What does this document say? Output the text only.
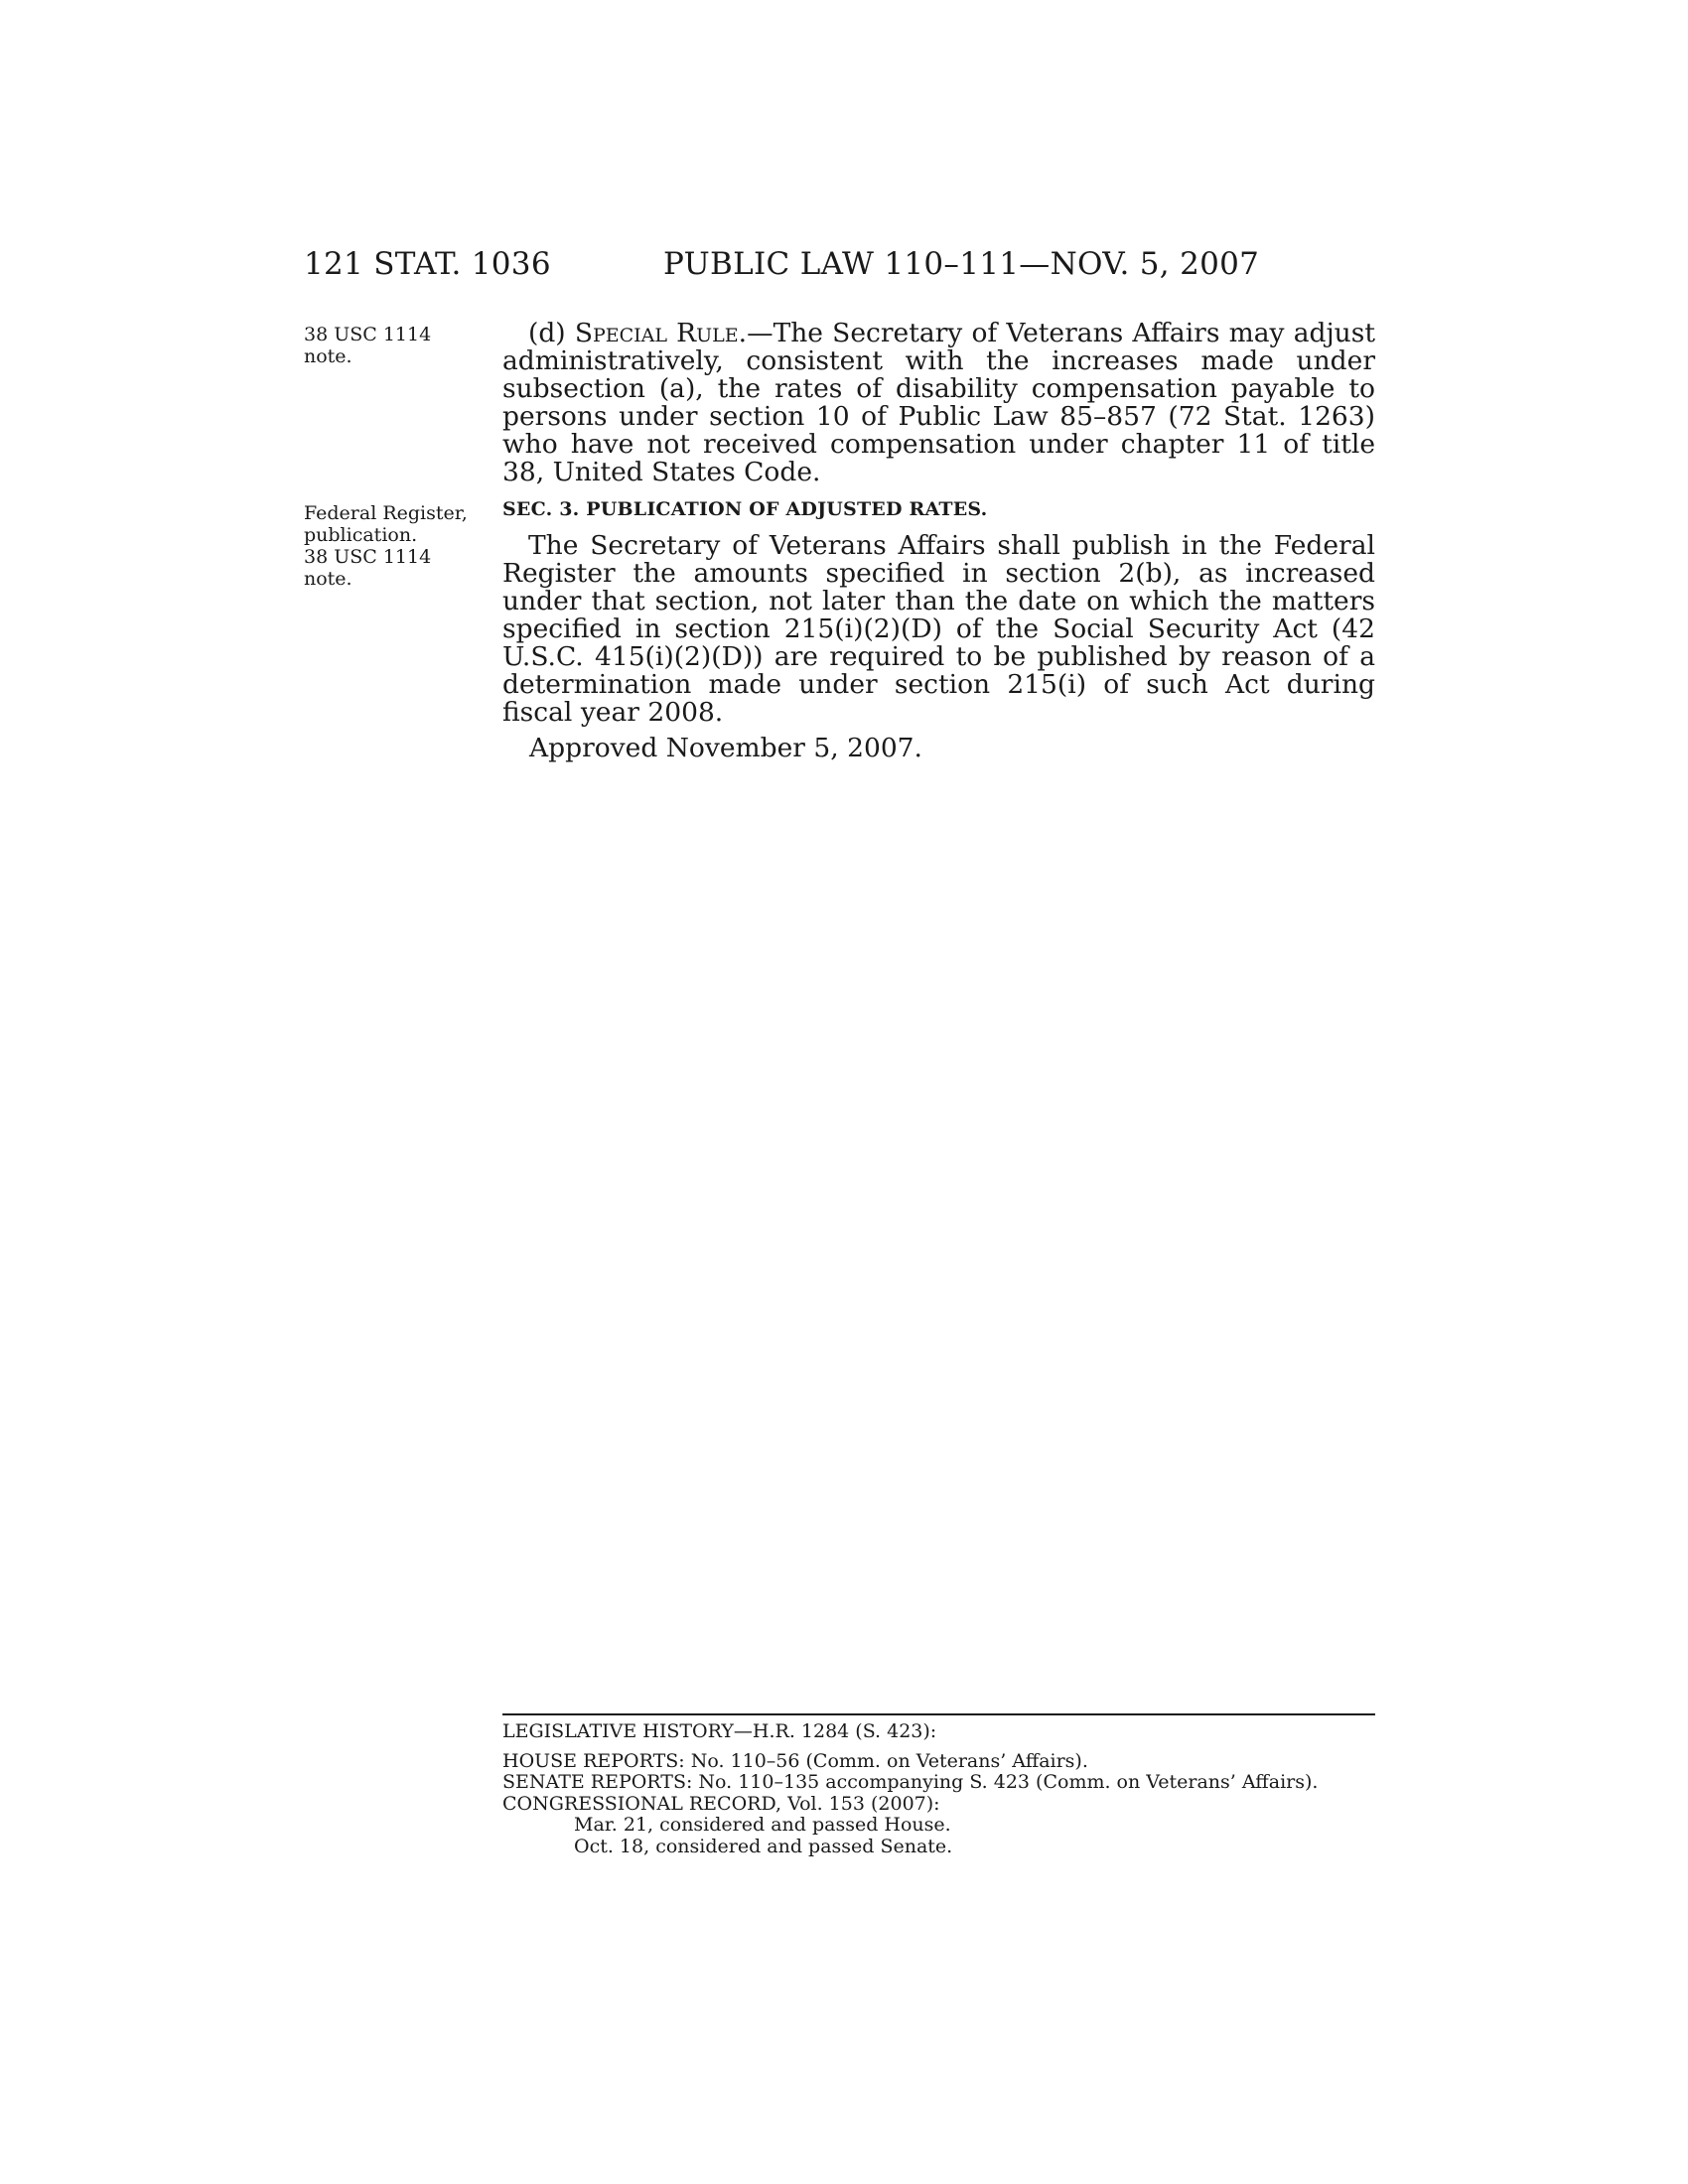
121 STAT. 1036	PUBLIC LAW 110–111—NOV. 5, 2007
38 USC 1114
note.
Federal Register,
publication.
38 USC 1114
note.

(d) Special Rule.—The Secretary of Veterans Affairs may adjust administratively, consistent with the increases made under subsection (a), the rates of disability compensation payable to persons under section 10 of Public Law 85–857 (72 Stat. 1263) who have not received compensation under chapter 11 of title 38, United States Code.

SEC. 3. PUBLICATION OF ADJUSTED RATES.

The Secretary of Veterans Affairs shall publish in the Federal Register the amounts specified in section 2(b), as increased under that section, not later than the date on which the matters specified in section 215(i)(2)(D) of the Social Security Act (42 U.S.C. 415(i)(2)(D)) are required to be published by reason of a determination made under section 215(i) of such Act during fiscal year 2008.

Approved November 5, 2007.
LEGISLATIVE HISTORY—H.R. 1284 (S. 423):
HOUSE REPORTS: No. 110–56 (Comm. on Veterans’ Affairs).
SENATE REPORTS: No. 110–135 accompanying S. 423 (Comm. on Veterans’ Affairs).
CONGRESSIONAL RECORD, Vol. 153 (2007):
Mar. 21, considered and passed House.
Oct. 18, considered and passed Senate.
